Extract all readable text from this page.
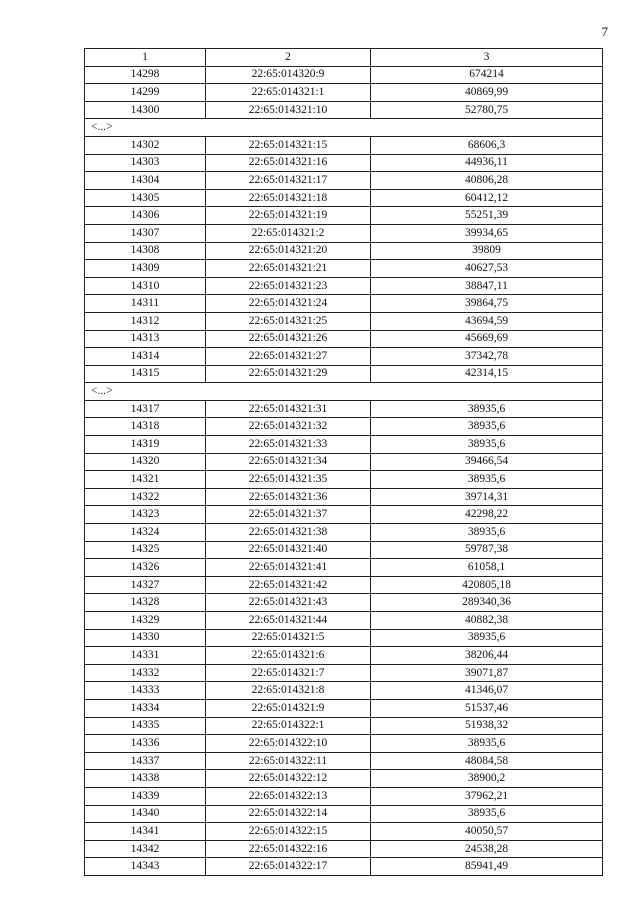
7
1	2	3
14298	22:65:014320:9	674214
14299	22:65:014321:1	40869,99
14300	22:65:014321:10	52780,75
<...>		
14302	22:65:014321:15	68606,3
14303	22:65:014321:16	44936,11
14304	22:65:014321:17	40806,28
14305	22:65:014321:18	60412,12
14306	22:65:014321:19	55251,39
14307	22:65:014321:2	39934,65
14308	22:65:014321:20	39809
14309	22:65:014321:21	40627,53
14310	22:65:014321:23	38847,11
14311	22:65:014321:24	39864,75
14312	22:65:014321:25	43694,59
14313	22:65:014321:26	45669,69
14314	22:65:014321:27	37342,78
14315	22:65:014321:29	42314,15
<...>		
14317	22:65:014321:31	38935,6
14318	22:65:014321:32	38935,6
14319	22:65:014321:33	38935,6
14320	22:65:014321:34	39466,54
14321	22:65:014321:35	38935,6
14322	22:65:014321:36	39714,31
14323	22:65:014321:37	42298,22
14324	22:65:014321:38	38935,6
14325	22:65:014321:40	59787,38
14326	22:65:014321:41	61058,1
14327	22:65:014321:42	420805,18
14328	22:65:014321:43	289340,36
14329	22:65:014321:44	40882,38
14330	22:65:014321:5	38935,6
14331	22:65:014321:6	38206,44
14332	22:65:014321:7	39071,87
14333	22:65:014321:8	41346,07
14334	22:65:014321:9	51537,46
14335	22:65:014322:1	51938,32
14336	22:65:014322:10	38935,6
14337	22:65:014322:11	48084,58
14338	22:65:014322:12	38900,2
14339	22:65:014322:13	37962,21
14340	22:65:014322:14	38935,6
14341	22:65:014322:15	40050,57
14342	22:65:014322:16	24538,28
14343	22:65:014322:17	85941,49
